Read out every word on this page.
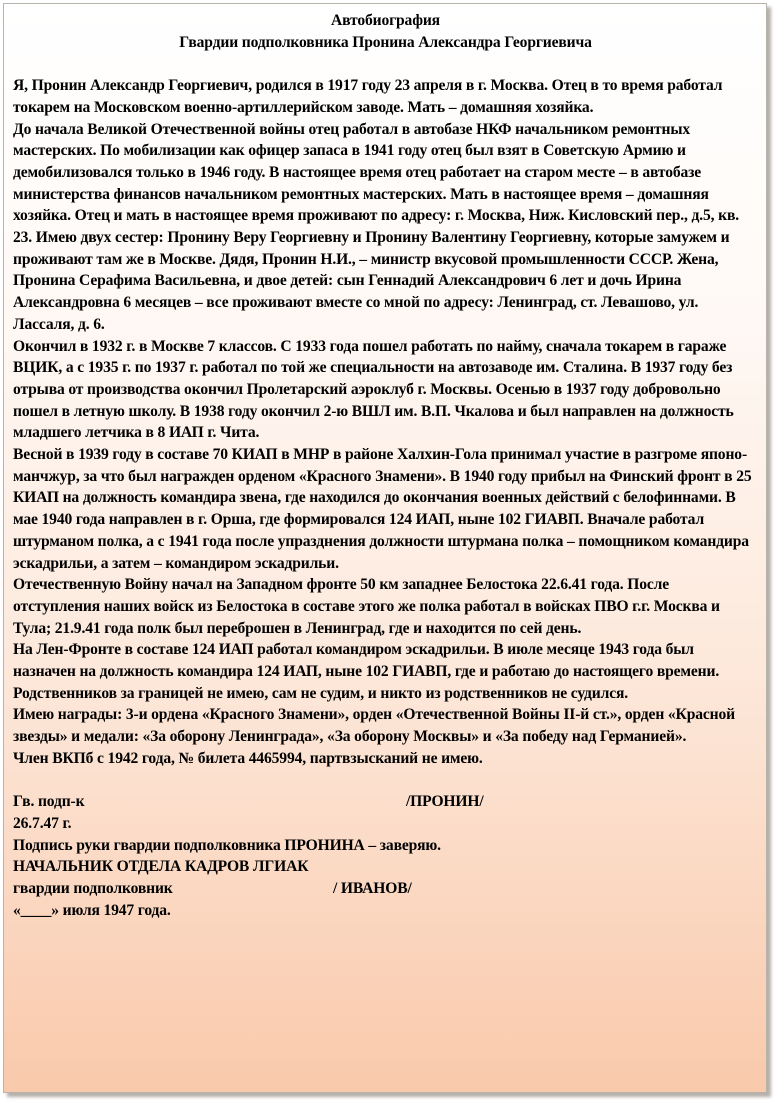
Автобиография

Гвардии подполковника Пронина Александра Георгиевича

Я, Пронин Александр Георгиевич, родился в 1917 году 23 апреля в г. Москва. Отец в то время работал токарем на Московском военно-артиллерийском заводе. Мать – домашняя хозяйка.

До начала Великой Отечественной войны отец работал в автобазе НКФ начальником ремонтных мастерских. По мобилизации как офицер запаса в 1941 году отец был взят в Советскую Армию и демобилизовался только в 1946 году. В настоящее время отец работает на старом месте – в автобазе министерства финансов начальником ремонтных мастерских. Мать в настоящее время – домашняя хозяйка. Отец и мать в настоящее время проживают по адресу: г. Москва, Ниж. Кисловский пер., д.5, кв. 23. Имею двух сестер: Пронину Веру Георгиевну и Пронину Валентину Георгиевну, которые замужем и проживают там же в Москве. Дядя, Пронин Н.И., – министр вкусовой промышленности СССР. Жена, Пронина Серафима Васильевна, и двое детей: сын Геннадий Александрович 6 лет и дочь Ирина Александровна 6 месяцев – все проживают вместе со мной по адресу: Ленинград, ст. Левашово, ул. Лассаля, д. 6.

Окончил в 1932 г. в Москве 7 классов. С 1933 года пошел работать по найму, сначала токарем в гараже ВЦИК, а с 1935 г. по 1937 г. работал по той же специальности на автозаводе им. Сталина. В 1937 году без отрыва от производства окончил Пролетарский аэроклуб г. Москвы. Осенью в 1937 году добровольно пошел в летную школу. В 1938 году окончил 2-ю ВШЛ им. В.П. Чкалова и был направлен на должность младшего летчика в 8 ИАП г. Чита.

Весной в 1939 году в составе 70 КИАП в МНР в районе Халхин-Гола принимал участие в разгроме японо-манчжур, за что был награжден орденом «Красного Знамени». В 1940 году прибыл на Финский фронт в 25 КИАП на должность командира звена, где находился до окончания военных действий с белофиннами. В мае 1940 года направлен в г. Орша, где формировался 124 ИАП, ныне 102 ГИАВП. Вначале работал штурманом полка, а с 1941 года после упразднения должности штурмана полка – помощником командира эскадрильи, а затем – командиром эскадрильи.

Отечественную Войну начал на Западном фронте 50 км западнее Белостока 22.6.41 года. После отступления наших войск из Белостока в составе этого же полка работал в войсках ПВО г.г. Москва и Тула; 21.9.41 года полк был переброшен в Ленинград, где и находится по сей день.

На Лен-Фронте в составе 124 ИАП работал командиром эскадрильи. В июле месяце 1943 года был назначен на должность командира 124 ИАП, ныне 102 ГИАВП, где и работаю до настоящего времени.

Родственников за границей не имею, сам не судим, и никто из родственников не судился.

Имею награды: 3-и ордена «Красного Знамени», орден «Отечественной Войны II-й ст.», орден «Красной звезды» и медали: «За оборону Ленинграда», «За оборону Москвы» и «За победу над Германией».

Член ВКПб с 1942 года, № билета 4465994, партвзысканий не имею.

Гв. подп-к	/ПРОНИН/

26.7.47 г.

Подпись руки гвардии подполковника ПРОНИНА – заверяю.

НАЧАЛЬНИК ОТДЕЛА КАДРОВ ЛГИАК

гвардии подполковник	/ ИВАНОВ/

«____» июля 1947 года.
